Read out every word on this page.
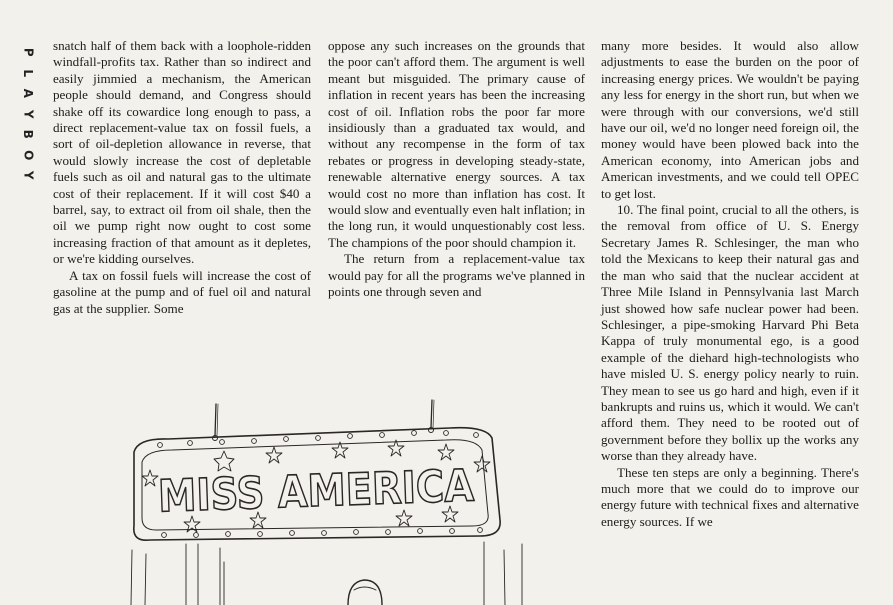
P
L
A
Y
B
O
Y

snatch half of them back with a loophole-ridden windfall-profits tax. Rather than so indirect and easily jimmied a mechanism, the American people should demand, and Congress should shake off its cowardice long enough to pass, a direct replacement-value tax on fossil fuels, a sort of oil-depletion allowance in reverse, that would slowly increase the cost of depletable fuels such as oil and natural gas to the ultimate cost of their replacement. If it will cost $40 a barrel, say, to extract oil from oil shale, then the oil we pump right now ought to cost some increasing fraction of that amount as it depletes, or we're kidding ourselves.

A tax on fossil fuels will increase the cost of gasoline at the pump and of fuel oil and natural gas at the supplier. Some

oppose any such increases on the grounds that the poor can't afford them. The argument is well meant but misguided. The primary cause of inflation in recent years has been the increasing cost of oil. Inflation robs the poor far more insidiously than a graduated tax would, and without any recompense in the form of tax rebates or progress in developing steady-state, renewable alternative energy sources. A tax would cost no more than inflation has cost. It would slow and eventually even halt inflation; in the long run, it would unquestionably cost less. The champions of the poor should champion it.

The return from a replacement-value tax would pay for all the programs we've planned in points one through seven and

many more besides. It would also allow adjustments to ease the burden on the poor of increasing energy prices. We wouldn't be paying any less for energy in the short run, but when we were through with our conversions, we'd still have our oil, we'd no longer need foreign oil, the money would have been plowed back into the American economy, into American jobs and American investments, and we could tell OPEC to get lost.

10. The final point, crucial to all the others, is the removal from office of U. S. Energy Secretary James R. Schlesinger, the man who told the Mexicans to keep their natural gas and the man who said that the nuclear accident at Three Mile Island in Pennsylvania last March just showed how safe nuclear power had been. Schlesinger, a pipe-smoking Harvard Phi Beta Kappa of truly monumental ego, is a good example of the diehard high-technologists who have misled U. S. energy policy nearly to ruin. They mean to see us go hard and high, even if it bankrupts and ruins us, which it would. We can't afford them. They need to be rooted out of government before they bollix up the works any worse than they already have.

These ten steps are only a beginning. There's much more that we could do to improve our energy future with technical fixes and alternative energy sources. If we

MISS AMERICA
